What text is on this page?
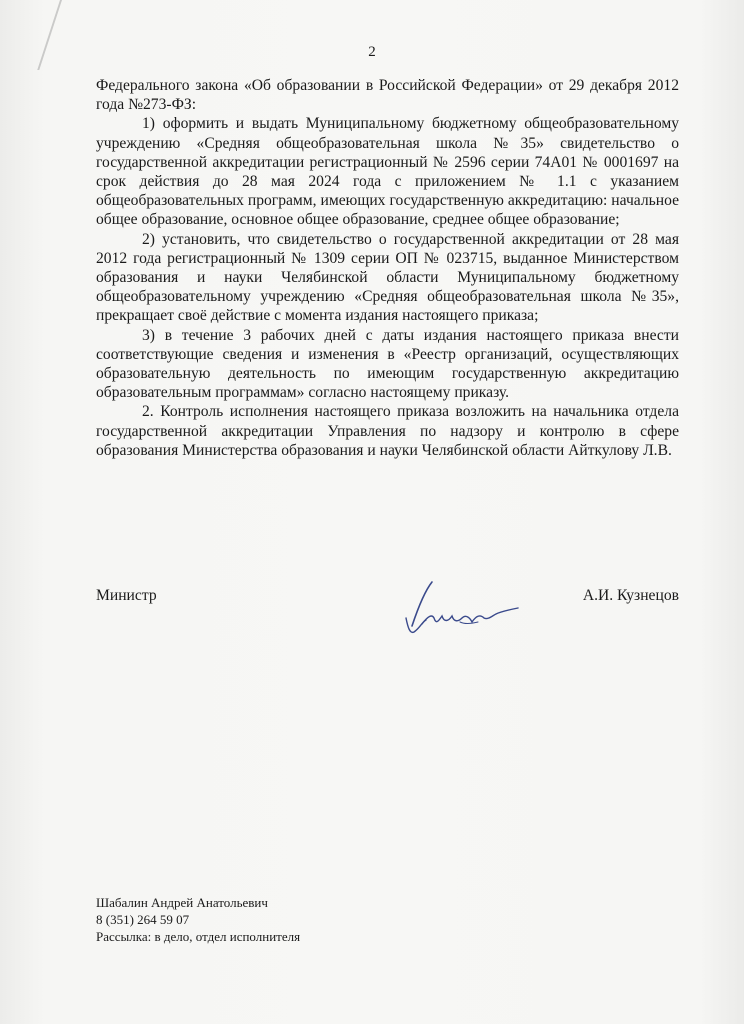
2

Федерального закона «Об образовании в Российской Федерации» от 29 декабря 2012 года №273-ФЗ:

1) оформить и выдать Муниципальному бюджетному общеобразовательному учреждению «Средняя общеобразовательная школа №35» свидетельство о государственной аккредитации регистрационный № 2596 серии 74А01 № 0001697 на срок действия до 28 мая 2024 года с приложением № 1.1 с указанием общеобразовательных программ, имеющих государственную аккредитацию: начальное общее образование, основное общее образование, среднее общее образование;

2) установить, что свидетельство о государственной аккредитации от 28 мая 2012 года регистрационный № 1309 серии ОП № 023715, выданное Министерством образования и науки Челябинской области Муниципальному бюджетному общеобразовательному учреждению «Средняя общеобразовательная школа №35», прекращает своё действие с момента издания настоящего приказа;

3) в течение 3 рабочих дней с даты издания настоящего приказа внести соответствующие сведения и изменения в «Реестр организаций, осуществляющих образовательную деятельность по имеющим государственную аккредитацию образовательным программам» согласно настоящему приказу.

2. Контроль исполнения настоящего приказа возложить на начальника отдела государственной аккредитации Управления по надзору и контролю в сфере образования Министерства образования и науки Челябинской области Айткулову Л.В.

Министр	А.И. Кузнецов
Шабалин Андрей Анатольевич
8 (351) 264 59 07
Рассылка: в дело, отдел исполнителя
